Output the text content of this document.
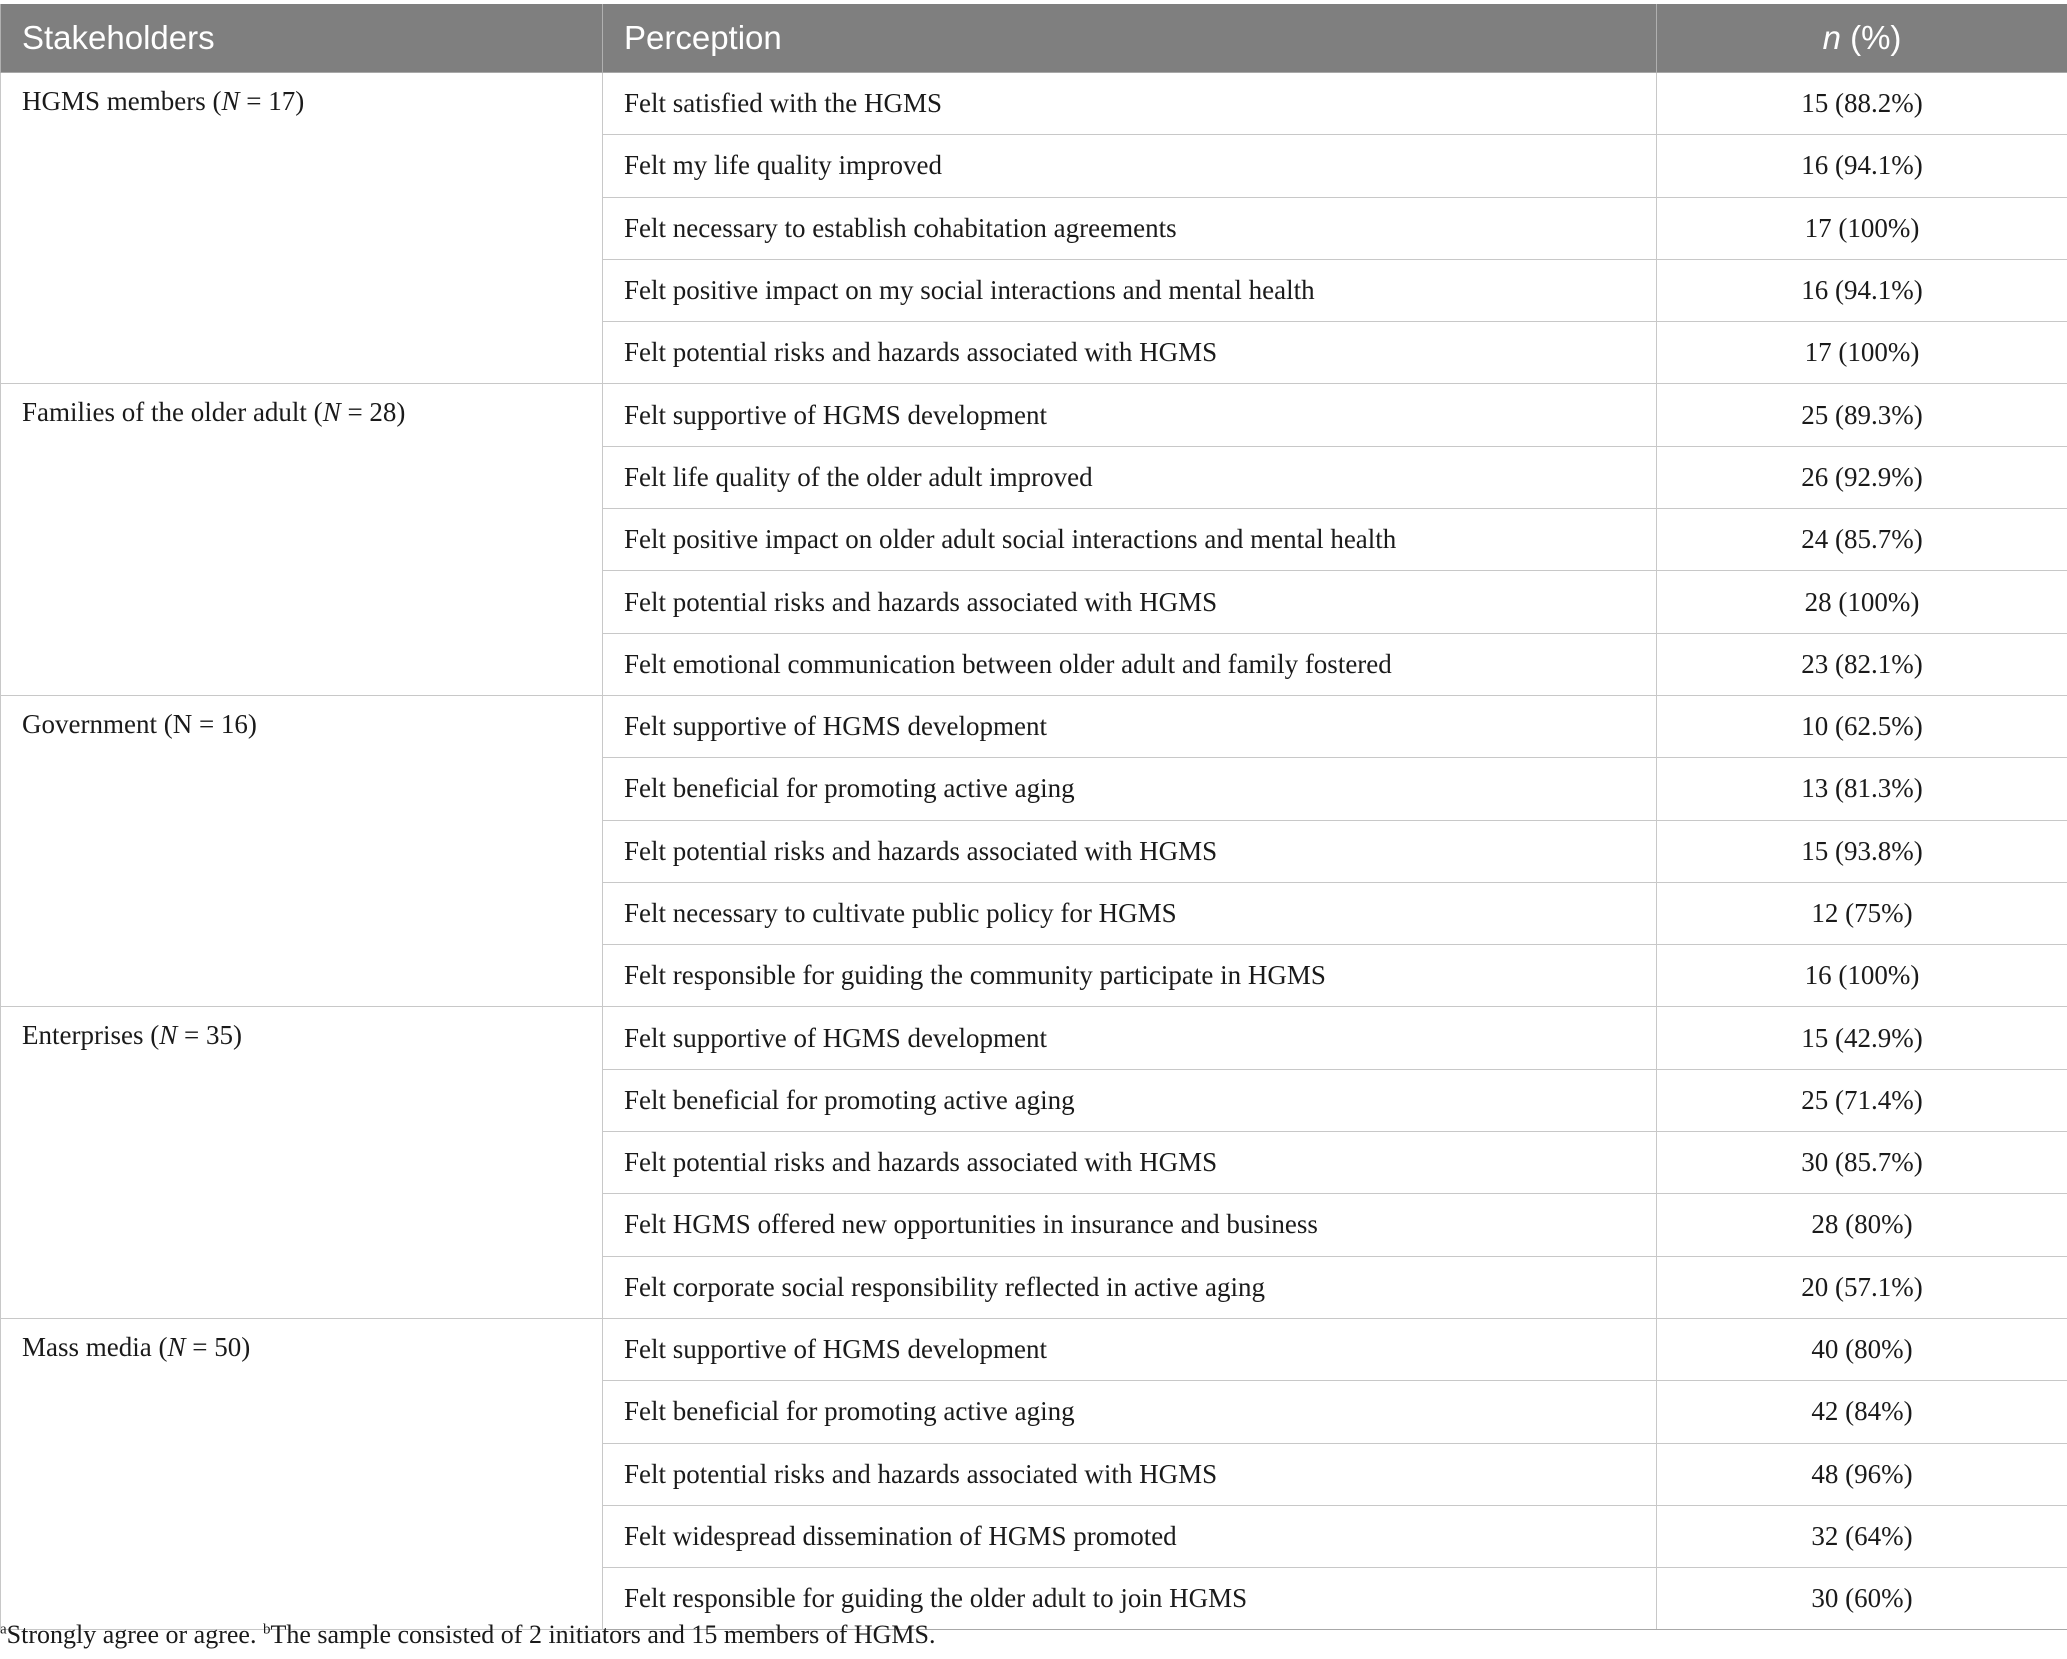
Stakeholders	Perception	n (%)
HGMS members (N = 17)	Felt satisfied with the HGMS	15 (88.2%)
	Felt my life quality improved	16 (94.1%)
	Felt necessary to establish cohabitation agreements	17 (100%)
	Felt positive impact on my social interactions and mental health	16 (94.1%)
	Felt potential risks and hazards associated with HGMS	17 (100%)
Families of the older adult (N = 28)	Felt supportive of HGMS development	25 (89.3%)
	Felt life quality of the older adult improved	26 (92.9%)
	Felt positive impact on older adult social interactions and mental health	24 (85.7%)
	Felt potential risks and hazards associated with HGMS	28 (100%)
	Felt emotional communication between older adult and family fostered	23 (82.1%)
Government (N = 16)	Felt supportive of HGMS development	10 (62.5%)
	Felt beneficial for promoting active aging	13 (81.3%)
	Felt potential risks and hazards associated with HGMS	15 (93.8%)
	Felt necessary to cultivate public policy for HGMS	12 (75%)
	Felt responsible for guiding the community participate in HGMS	16 (100%)
Enterprises (N = 35)	Felt supportive of HGMS development	15 (42.9%)
	Felt beneficial for promoting active aging	25 (71.4%)
	Felt potential risks and hazards associated with HGMS	30 (85.7%)
	Felt HGMS offered new opportunities in insurance and business	28 (80%)
	Felt corporate social responsibility reflected in active aging	20 (57.1%)
Mass media (N = 50)	Felt supportive of HGMS development	40 (80%)
	Felt beneficial for promoting active aging	42 (84%)
	Felt potential risks and hazards associated with HGMS	48 (96%)
	Felt widespread dissemination of HGMS promoted	32 (64%)
	Felt responsible for guiding the older adult to join HGMS	30 (60%)
$^a$Strongly agree or agree. $^b$The sample consisted of 2 initiators and 15 members of HGMS.
